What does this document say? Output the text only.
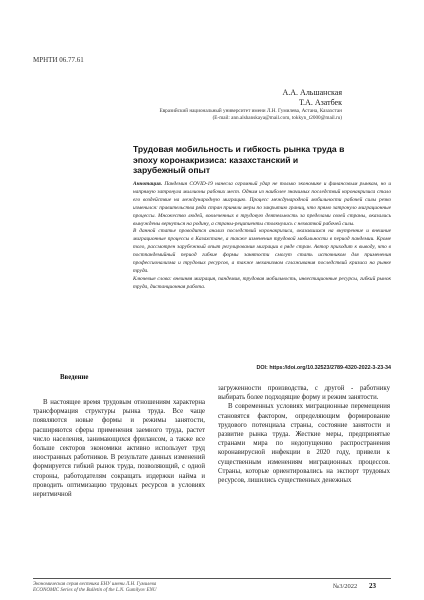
МРНТИ 06.77.61
А.А. Альшанская
Т.А. Азатбек
Евразийский национальный университет имени Л.Н. Гумилева, Астана, Казахстан
(E-mail: ann.alshanskaya@mail.com, tokkyn_t2000@mail.ru)
Трудовая мобильность и гибкость рынка труда в эпоху коронакризиса: казахстанский и зарубежный опыт

Аннотация. Пандемия COVID-19 нанесла огромный удар не только экономике и финансовым рынкам, но и напрямую затронула миллионы рабочих мест. Одним из наиболее значимых последствий коронакризиса стало его воздействие на международную миграцию. Процесс международной мобильности рабочей силы резко изменился: правительства ряда стран приняли меры по закрытию границ, что прямо затронуло миграционные процессы. Множество людей, вовлеченных в трудовую деятельность за пределами своей страны, оказались вынуждены вернуться на родину, а страны-реципиенты столкнулись с нехваткой рабочей силы.

В данной статье проводится анализ последствий коронакризиса, оказавшихся на внутренние и внешние миграционные процессы в Казахстане, а также изменения трудовой мобильности в период пандемии. Кроме того, рассмотрен зарубежный опыт регулирования миграции в ряде стран. Автор приходит к выводу, что в постпандемийный период гибкие формы занятости смогут стать источником для применения профессионализма и трудовых ресурсов, а также механизмом сглаживания последствий кризиса на рынке труда.

Ключевые слова: внешняя миграция, пандемия, трудовая мобильность, инвестиционные ресурсы, гибкий рынок труда, дистанционная работа.

DOI: https://doi.org/10.32523/2789-4320-2022-3-23-34
Введение

В настоящее время трудовым отношениям характерна трансформация структуры рынка труда. Все чаще появляются новые формы и режимы занятости, расширяются сферы применения заемного труда, растет число населения, занимающихся фрилансом, а также все больше секторов экономики активно использует труд иностранных работников. В результате данных изменений формируется гибкий рынок труда, позволяющий, с одной стороны, работодателям сокращать издержки найма и проводить оптимизацию трудовых ресурсов в условиях неритмичной

загруженности производства, с другой - работнику выбирать более подходящие форму и режим занятости.

В современных условиях миграционные перемещения становятся фактором, определяющим формирование трудового потенциала страны, состояние занятости и развитие рынка труда. Жесткие меры, предпринятые странами мира по недопущению распространения коронавирусной инфекции в 2020 году, привели к существенным изменениям миграционных процессов. Страны, которые ориентировались на экспорт трудовых ресурсов, лишились существенных денежных

Экономическая серия вестника ЕНУ имени Л.Н. Гумилева
ECONOMIC Series of the Bulletin of the L.N. Gumilyov ENU
№3/2022 23
